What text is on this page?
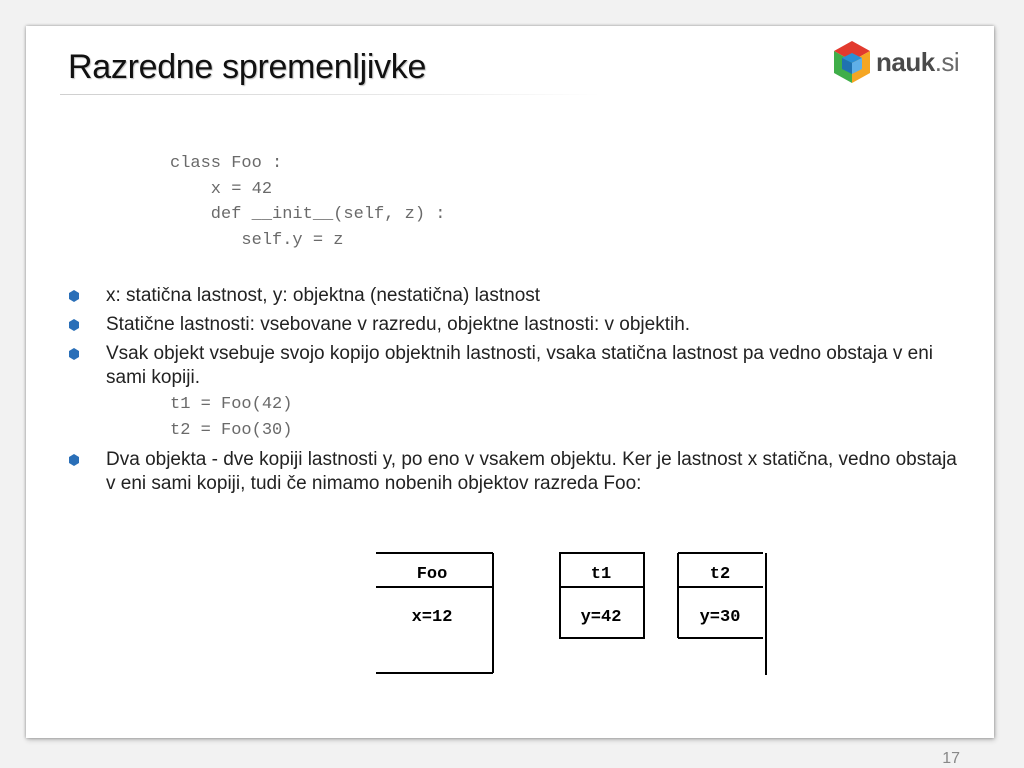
Razredne spremenljivke	nauk.si
class Foo :
x = 42
def __init__(self, z) :
self.y = z
x: statična lastnost, y: objektna (nestatična) lastnost
Statične lastnosti: vsebovane v razredu, objektne lastnosti: v objektih.
Vsak objekt vsebuje svojo kopijo objektnih lastnosti, vsaka statična lastnost pa vedno obstaja v eni sami kopiji.
t1 = Foo(42)
t2 = Foo(30)
Dva objekta - dve kopiji lastnosti y, po eno v vsakem objektu. Ker je lastnost x statična, vedno obstaja v eni sami kopiji, tudi če nimamo nobenih objektov razreda Foo:
Foo
x=12
t1
y=42
t2
y=30
17
